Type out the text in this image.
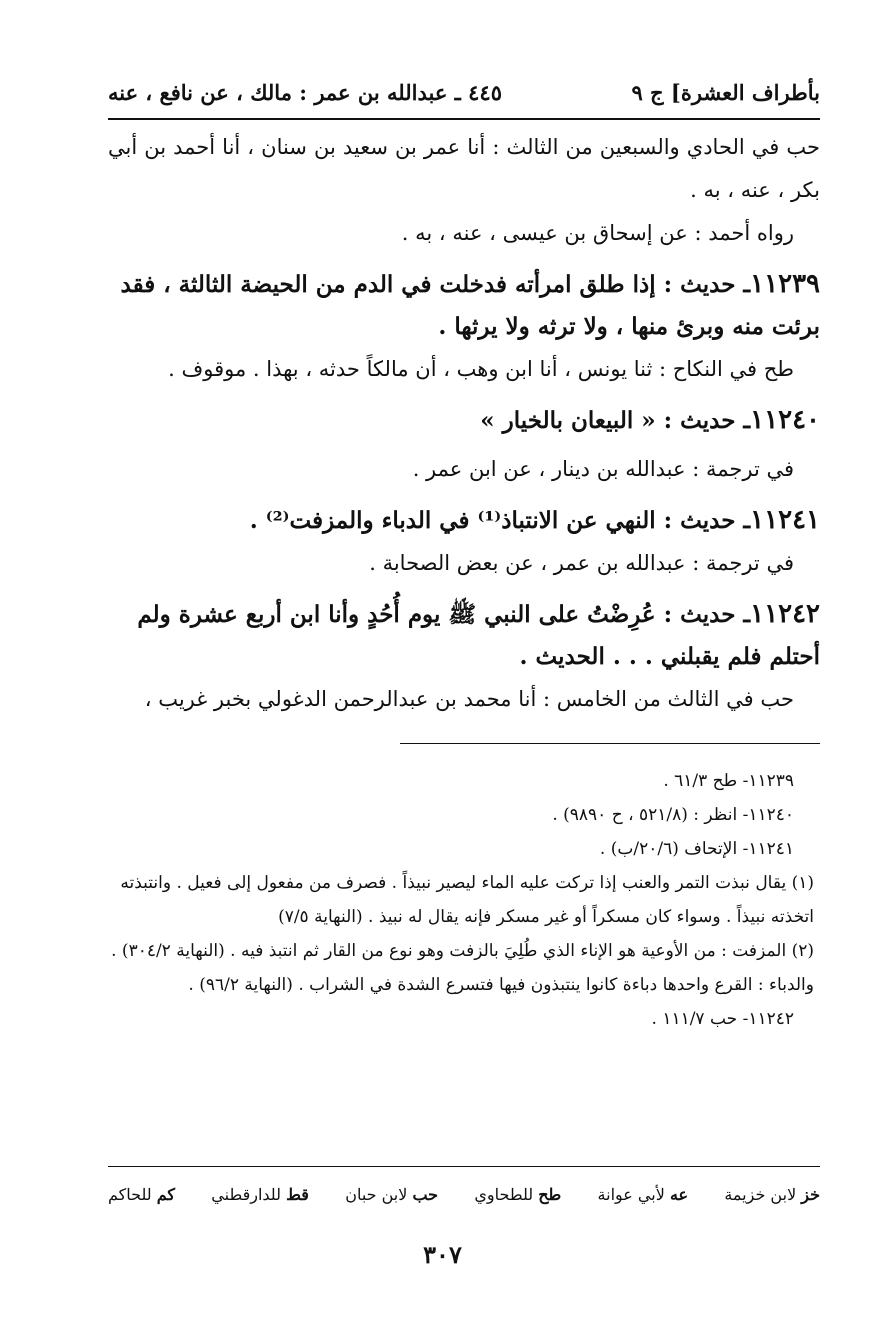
بأطراف العشرة] ج ٩
٤٤٥ ـ عبدالله بن عمر : مالك ، عن نافع ، عنه

حب في الحادي والسبعين من الثالث : أنا عمر بن سعيد بن سنان ، أنا أحمد بن أبي بكر ، عنه ، به .

رواه أحمد : عن إسحاق بن عيسى ، عنه ، به .

١١٢٣٩ـ حديث : إذا طلق امرأته فدخلت في الدم من الحيضة الثالثة ، فقد برئت منه وبرئ منها ، ولا ترثه ولا يرثها .

طح في النكاح : ثنا يونس ، أنا ابن وهب ، أن مالكاً حدثه ، بهذا . موقوف .

١١٢٤٠ـ حديث : « البيعان بالخيار »

في ترجمة : عبدالله بن دينار ، عن ابن عمر .

١١٢٤١ـ حديث : النهي عن الانتباذ⁽¹⁾ في الدباء والمزفت⁽²⁾ .

في ترجمة : عبدالله بن عمر ، عن بعض الصحابة .

١١٢٤٢ـ حديث : عُرِضْتُ على النبي ﷺ يوم أُحُدٍ وأنا ابن أربع عشرة ولم أحتلم فلم يقبلني . . . الحديث .

حب في الثالث من الخامس : أنا محمد بن عبدالرحمن الدغولي بخبر غريب ،

١١٢٣٩- طح ٦١/٣ .

١١٢٤٠- انظر : (٥٢١/٨ ، ح ٩٨٩٠) .

١١٢٤١- الإتحاف (٢٠/٦/ب) .

(١) يقال نبذت التمر والعنب إذا تركت عليه الماء ليصير نبيذاً . فصرف من مفعول إلى فعيل . وانتبذته اتخذته نبيذاً . وسواء كان مسكراً أو غير مسكر فإنه يقال له نبيذ . (النهاية ٧/٥)

(٢) المزفت : من الأوعية هو الإناء الذي طُلِيَ بالزفت وهو نوع من القار ثم انتبذ فيه . (النهاية ٣٠٤/٢) . والدباء : القرع واحدها دباءة كانوا ينتبذون فيها فتسرع الشدة في الشراب . (النهاية ٩٦/٢) .

١١٢٤٢- حب ١١١/٧ .

خز لابن خزيمة
عه لأبي عوانة
طح للطحاوي
حب لابن حبان
قط للدارقطني
كم للحاكم
٣٠٧
